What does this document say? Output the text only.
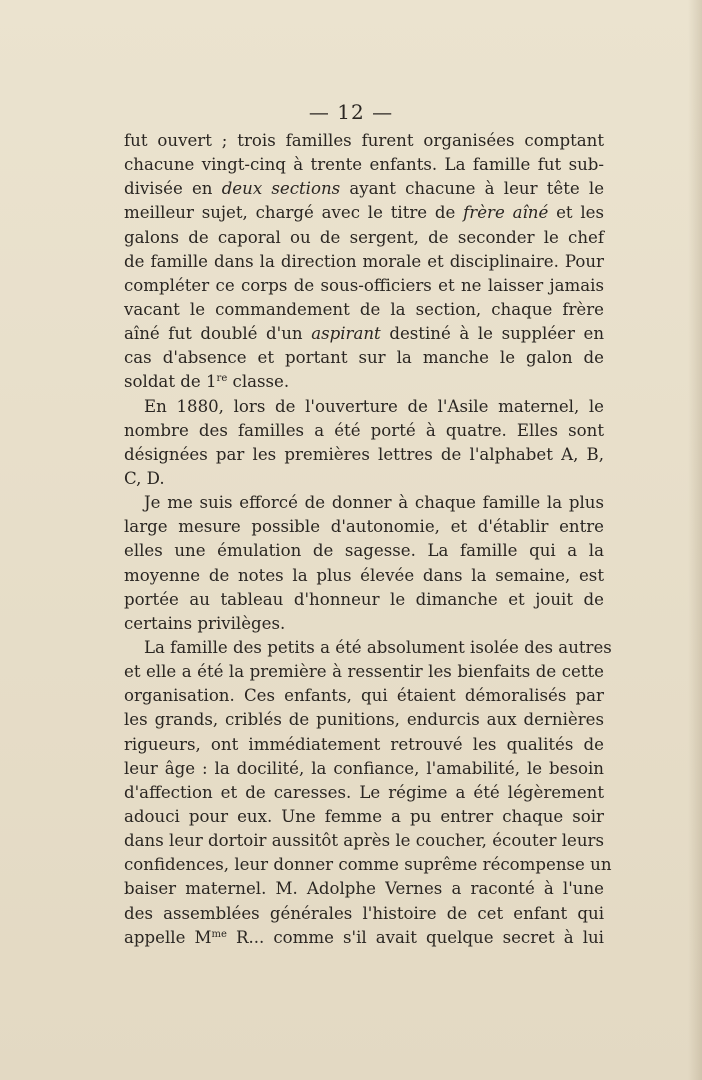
— 12 —
fut ouvert ; trois familles furent organisées comptant
chacune vingt-cinq à trente enfants. La famille fut sub-
divisée en deux sections ayant chacune à leur tête le
meilleur sujet, chargé avec le titre de frère aîné et les
galons de caporal ou de sergent, de seconder le chef
de famille dans la direction morale et disciplinaire. Pour
compléter ce corps de sous-officiers et ne laisser jamais
vacant le commandement de la section, chaque frère
aîné fut doublé d'un aspirant destiné à le suppléer en
cas d'absence et portant sur la manche le galon de
soldat de 1re classe.
En 1880, lors de l'ouverture de l'Asile maternel, le
nombre des familles a été porté à quatre. Elles sont
désignées par les premières lettres de l'alphabet A, B,
C, D.
Je me suis efforcé de donner à chaque famille la plus
large mesure possible d'autonomie, et d'établir entre
elles une émulation de sagesse. La famille qui a la
moyenne de notes la plus élevée dans la semaine, est
portée au tableau d'honneur le dimanche et jouit de
certains privilèges.
La famille des petits a été absolument isolée des autres
et elle a été la première à ressentir les bienfaits de cette
organisation. Ces enfants, qui étaient démoralisés par
les grands, criblés de punitions, endurcis aux dernières
rigueurs, ont immédiatement retrouvé les qualités de
leur âge : la docilité, la confiance, l'amabilité, le besoin
d'affection et de caresses. Le régime a été légèrement
adouci pour eux. Une femme a pu entrer chaque soir
dans leur dortoir aussitôt après le coucher, écouter leurs
confidences, leur donner comme suprême récompense un
baiser maternel. M. Adolphe Vernes a raconté à l'une
des assemblées générales l'histoire de cet enfant qui
appelle $M^{me}$ R... comme s'il avait quelque secret à lui
